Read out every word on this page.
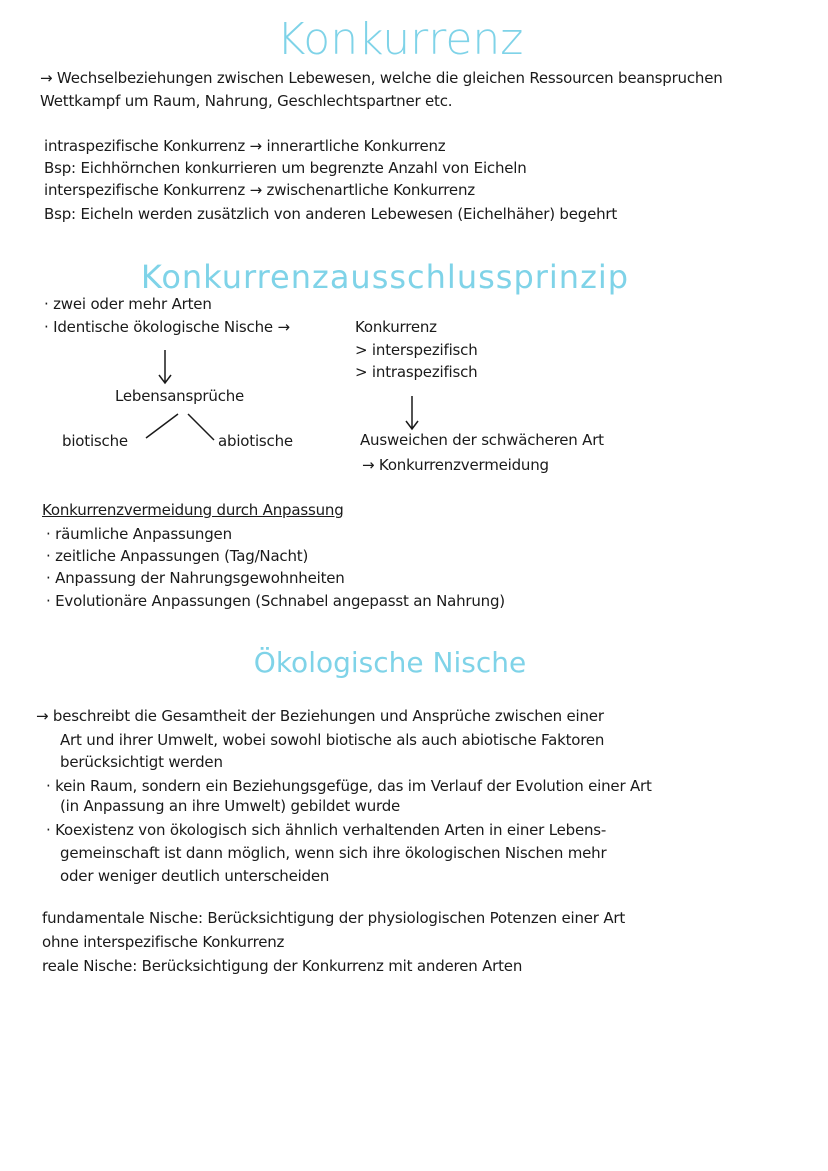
Konkurrenz
→ Wechselbeziehungen zwischen Lebewesen, welche die gleichen Ressourcen beanspruchen
Wettkampf um Raum, Nahrung, Geschlechtspartner etc.
intraspezifische Konkurrenz → innerartliche Konkurrenz
Bsp: Eichhörnchen konkurrieren um begrenzte Anzahl von Eicheln
interspezifische Konkurrenz → zwischenartliche Konkurrenz
Bsp: Eicheln werden zusätzlich von anderen Lebewesen (Eichelhäher) begehrt
Konkurrenzausschlussprinzip
· zwei oder mehr Arten
· Identische ökologische Nische →	Konkurrenz
> interspezifisch
> intraspezifisch
Lebensansprüche
biotische	abiotische	Ausweichen der schwächeren Art
→ Konkurrenzvermeidung
Konkurrenzvermeidung durch Anpassung
· räumliche Anpassungen
· zeitliche Anpassungen (Tag/Nacht)
· Anpassung der Nahrungsgewohnheiten
· Evolutionäre Anpassungen (Schnabel angepasst an Nahrung)
Ökologische Nische
→ beschreibt die Gesamtheit der Beziehungen und Ansprüche zwischen einer
Art und ihrer Umwelt, wobei sowohl biotische als auch abiotische Faktoren
berücksichtigt werden
· kein Raum, sondern ein Beziehungsgefüge, das im Verlauf der Evolution einer Art
(in Anpassung an ihre Umwelt) gebildet wurde
· Koexistenz von ökologisch sich ähnlich verhaltenden Arten in einer Lebens-
gemeinschaft ist dann möglich, wenn sich ihre ökologischen Nischen mehr
oder weniger deutlich unterscheiden
fundamentale Nische: Berücksichtigung der physiologischen Potenzen einer Art
ohne interspezifische Konkurrenz
reale Nische: Berücksichtigung der Konkurrenz mit anderen Arten
